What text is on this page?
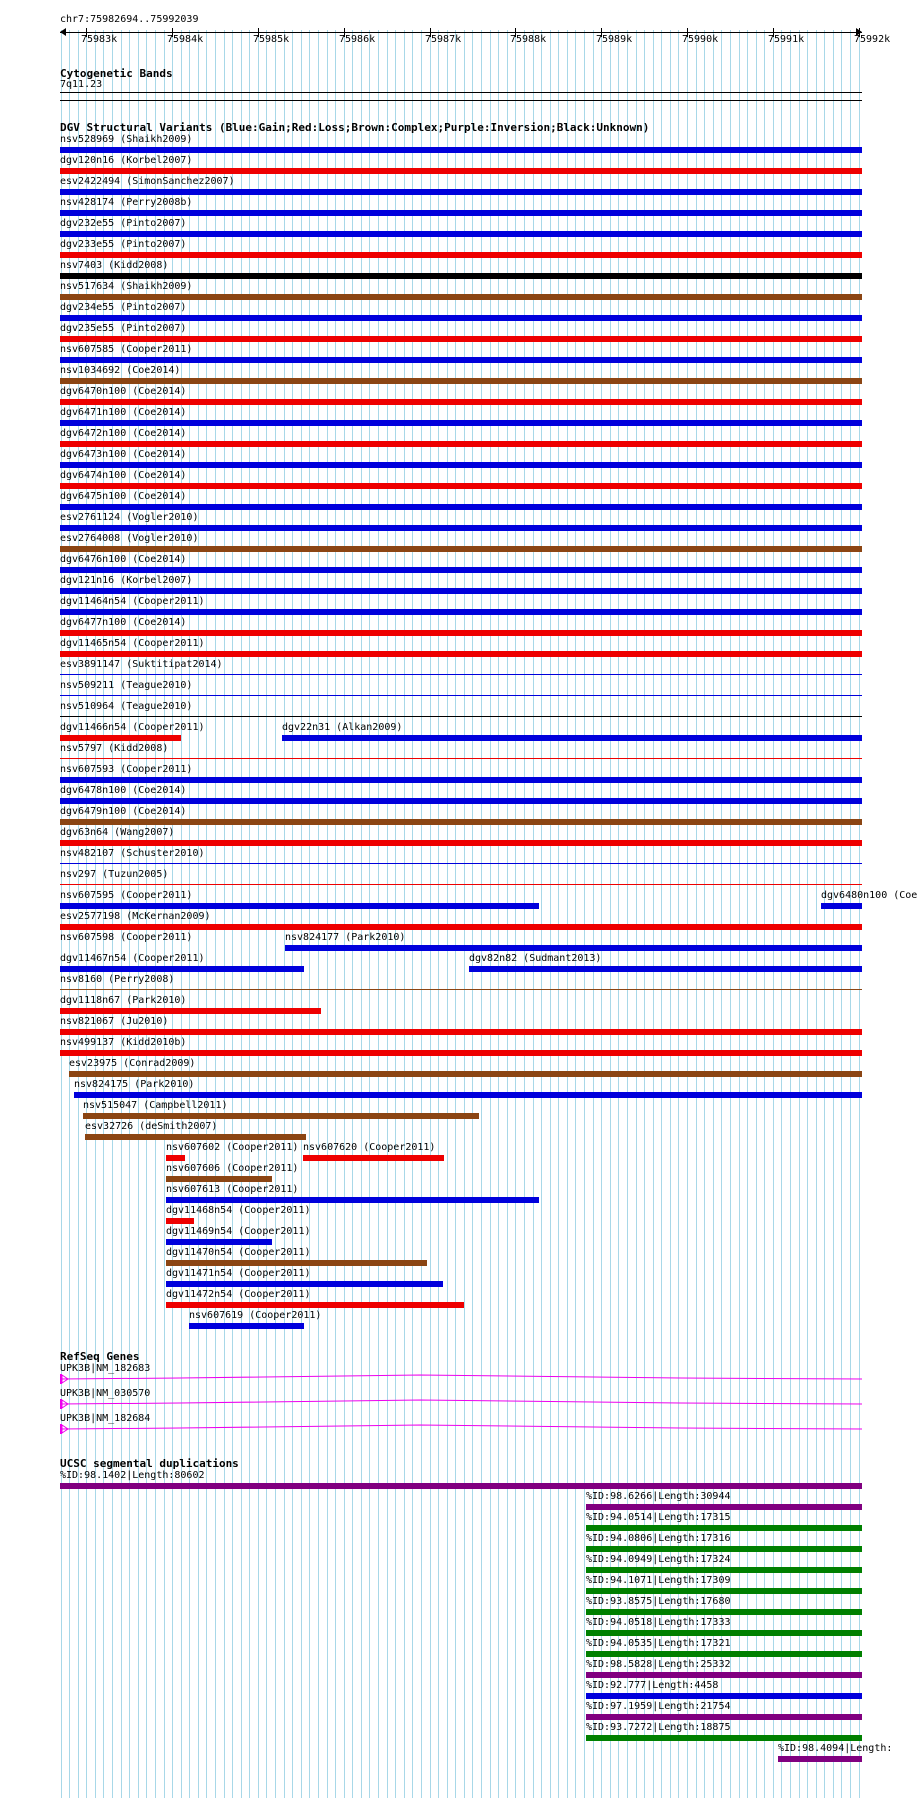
chr7:75982694..75992039
75983k	75984k	75985k	75986k	75987k	75988k	75989k	75990k	75991k	75992k
Cytogenetic Bands
7q11.23
DGV Structural Variants (Blue:Gain;Red:Loss;Brown:Complex;Purple:Inversion;Black:Unknown)
nsv528969 (Shaikh2009)
dgv120n16 (Korbel2007)
esv2422494 (SimonSanchez2007)
nsv428174 (Perry2008b)
dgv232e55 (Pinto2007)
dgv233e55 (Pinto2007)
nsv7403 (Kidd2008)
nsv517634 (Shaikh2009)
dgv234e55 (Pinto2007)
dgv235e55 (Pinto2007)
nsv607585 (Cooper2011)
nsv1034692 (Coe2014)
dgv6470n100 (Coe2014)
dgv6471n100 (Coe2014)
dgv6472n100 (Coe2014)
dgv6473n100 (Coe2014)
dgv6474n100 (Coe2014)
dgv6475n100 (Coe2014)
esv2761124 (Vogler2010)
esv2764008 (Vogler2010)
dgv6476n100 (Coe2014)
dgv121n16 (Korbel2007)
dgv11464n54 (Cooper2011)
dgv6477n100 (Coe2014)
dgv11465n54 (Cooper2011)
esv3891147 (Suktitipat2014)
nsv509211 (Teague2010)
nsv510964 (Teague2010)
dgv11466n54 (Cooper2011)	dgv22n31 (Alkan2009)
nsv5797 (Kidd2008)
nsv607593 (Cooper2011)
dgv6478n100 (Coe2014)
dgv6479n100 (Coe2014)
dgv63n64 (Wang2007)
nsv482107 (Schuster2010)
nsv297 (Tuzun2005)
nsv607595 (Cooper2011)	dgv6480n100 (Coe
esv2577198 (McKernan2009)
nsv607598 (Cooper2011)	nsv824177 (Park2010)
dgv11467n54 (Cooper2011)	dgv82n82 (Sudmant2013)
nsv8160 (Perry2008)
dgv1118n67 (Park2010)
nsv821067 (Ju2010)
nsv499137 (Kidd2010b)
esv23975 (Conrad2009)
nsv824175 (Park2010)
nsv515047 (Campbell2011)
esv32726 (deSmith2007)
nsv607602 (Cooper2011) nsv607620 (Cooper2011)
nsv607606 (Cooper2011)
nsv607613 (Cooper2011)
dgv11468n54 (Cooper2011)
dgv11469n54 (Cooper2011)
dgv11470n54 (Cooper2011)
dgv11471n54 (Cooper2011)
dgv11472n54 (Cooper2011)
nsv607619 (Cooper2011)
RefSeq Genes
UPK3B|NM_182683
UPK3B|NM_030570
UPK3B|NM_182684
UCSC segmental duplications
%ID:98.1402|Length:80602
%ID:98.6266|Length:30944
%ID:94.0514|Length:17315
%ID:94.0806|Length:17316
%ID:94.0949|Length:17324
%ID:94.1071|Length:17309
%ID:93.8575|Length:17680
%ID:94.0518|Length:17333
%ID:94.0535|Length:17321
%ID:98.5828|Length:25332
%ID:92.777|Length:4458
%ID:97.1959|Length:21754
%ID:93.7272|Length:18875
%ID:98.4094|Length:
